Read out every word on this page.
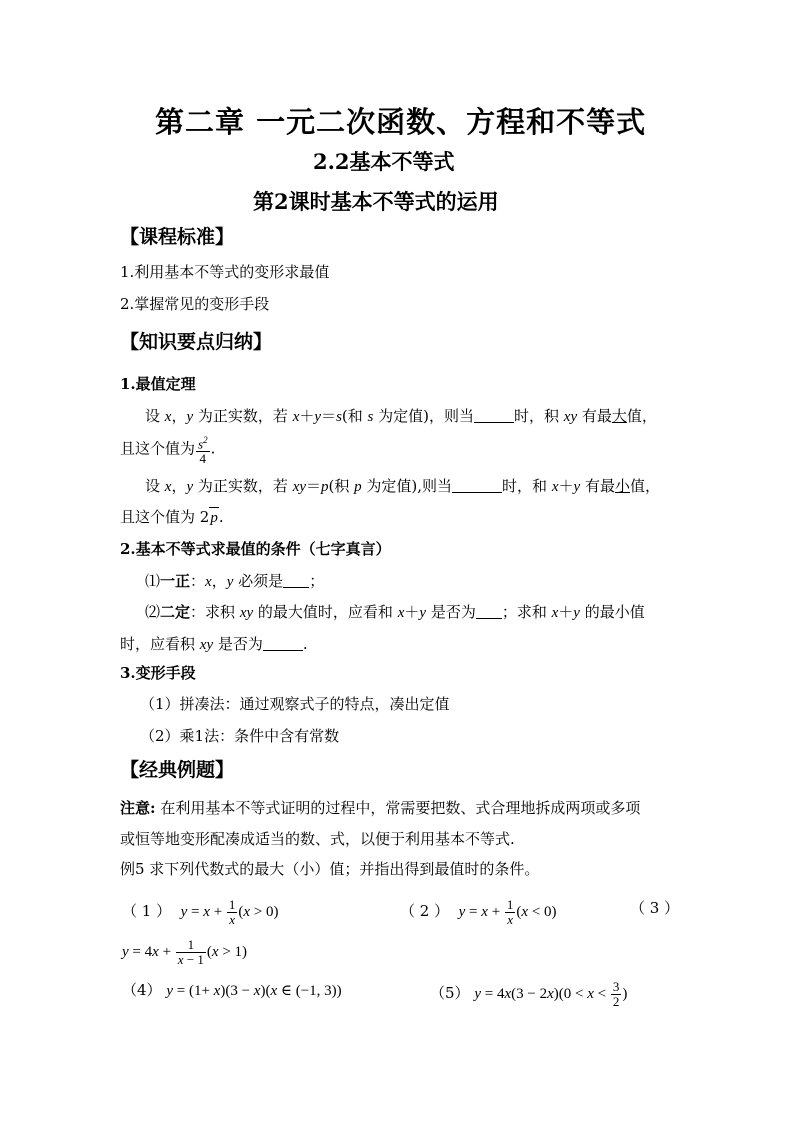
第二章 一元二次函数、方程和不等式
2.2基本不等式
第2课时基本不等式的运用
【课程标准】
1.利用基本不等式的变形求最值
2.掌握常见的变形手段
【知识要点归纳】
1.最值定理
设 x，y 为正实数，若 x＋y＝s(和 s 为定值)，则当	时，积 xy 有最大值，
且这个值为 $\frac{s^2}{4}$ .
设 x，y 为正实数，若 xy＝p(积 p 为定值),则当	时，和 x＋y 有最小值，
且这个值为 2p.
2.基本不等式求最值的条件（七字真言）
⑴一正：x，y 必须是 ；
⑵二定：求积 xy 的最大值时，应看和 x＋y 是否为 ；求和 x＋y 的最小值
时，应看积 xy 是否为	.
3.变形手段
（1）拼凑法：通过观察式子的特点，凑出定值
（2）乘1法：条件中含有常数
【经典例题】
注意: 在利用基本不等式证明的过程中，常需要把数、式合理地拆成两项或多项
或恒等地变形配凑成适当的数、式，以便于利用基本不等式.
例5 求下列代数式的最大（小）值；并指出得到最值时的条件。
（ 1 ）  $y = x + \frac{1}{x} (x > 0)$	（ 2 ）  $y = x + \frac{1}{x} (x < 0)$	（ 3 ）
$y = 4x + \frac{1}{x - 1} (x > 1)$
（4） y = (1+ x)(3 − x)(x ∈ (−1, 3))	（5） $y = 4x(3 - 2x)(0 < x < \frac{3}{2}$ )
